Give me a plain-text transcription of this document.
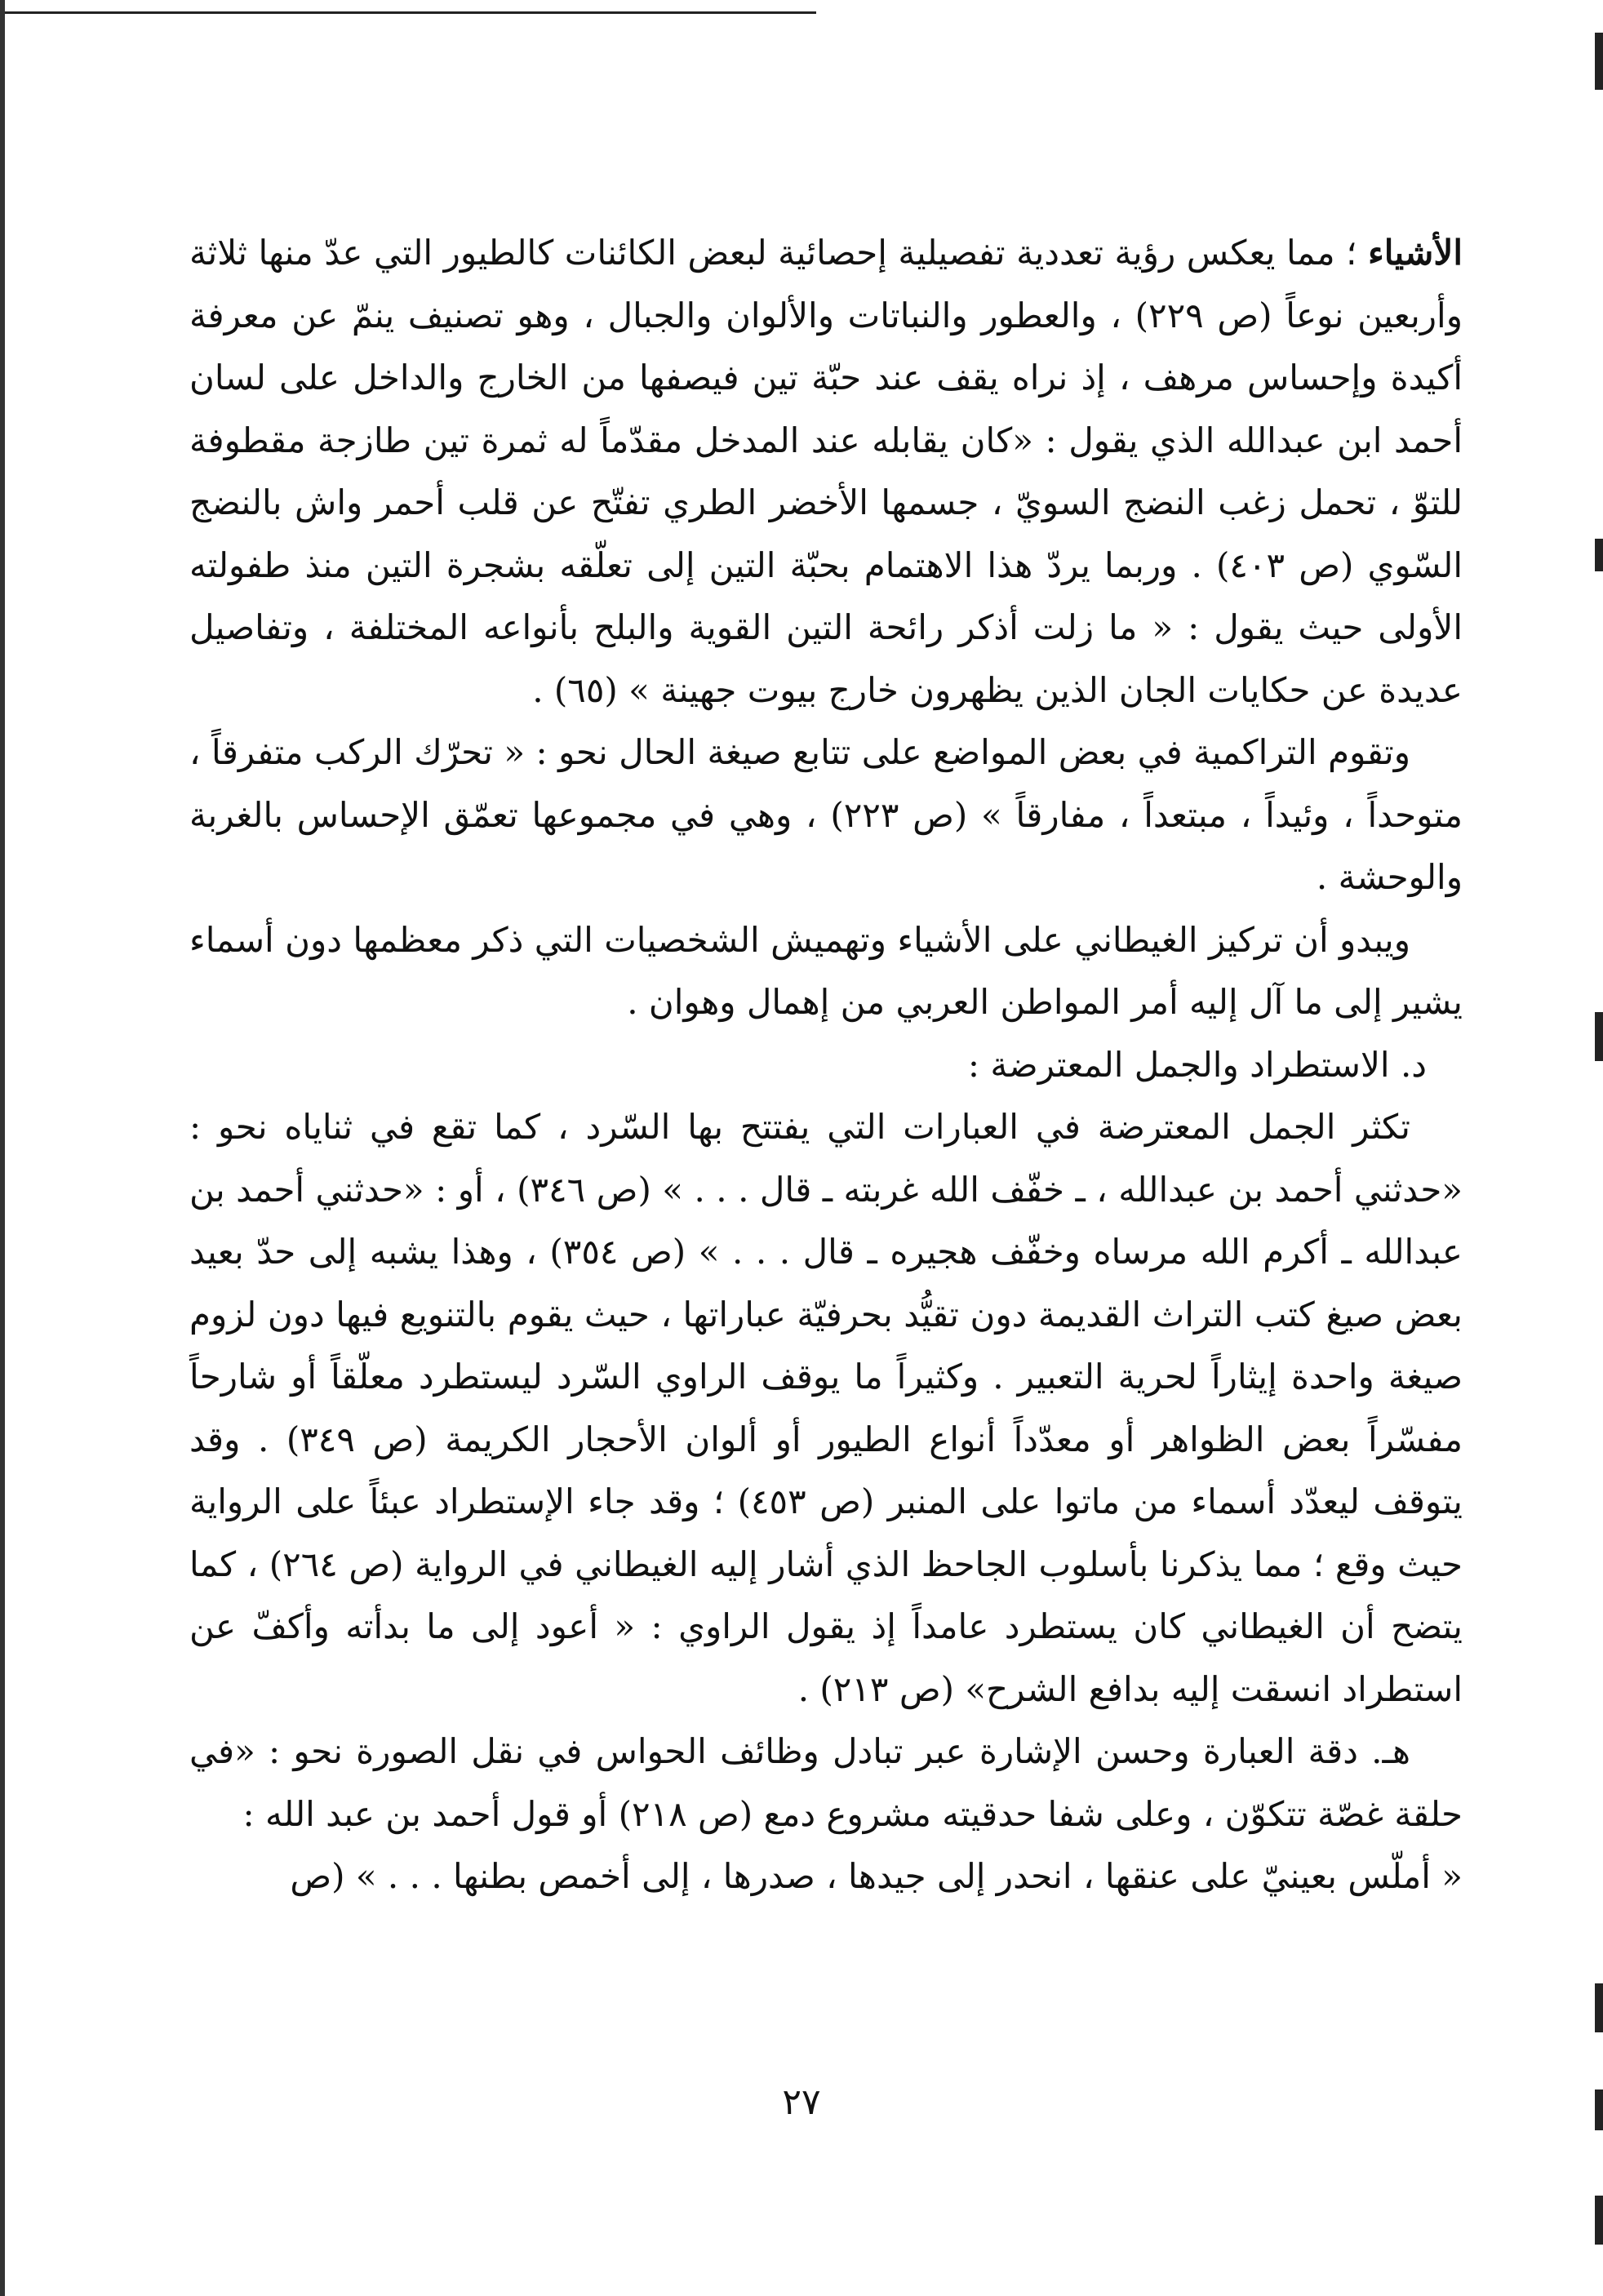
الأشياء ؛ مما يعكس رؤية تعددية تفصيلية إحصائية لبعض الكائنات كالطيور التي عدّ منها ثلاثة وأربعين نوعاً (ص ٢٢٩) ، والعطور والنباتات والألوان والجبال ، وهو تصنيف ينمّ عن معرفة أكيدة وإحساس مرهف ، إذ نراه يقف عند حبّة تين فيصفها من الخارج والداخل على لسان أحمد ابن عبدالله الذي يقول : «كان يقابله عند المدخل مقدّماً له ثمرة تين طازجة مقطوفة للتوّ ، تحمل زغب النضج السويّ ، جسمها الأخضر الطري تفتّح عن قلب أحمر واش بالنضج السّوي (ص ٤٠٣) . وربما يردّ هذا الاهتمام بحبّة التين إلى تعلّقه بشجرة التين منذ طفولته الأولى حيث يقول : « ما زلت أذكر رائحة التين القوية والبلح بأنواعه المختلفة ، وتفاصيل عديدة عن حكايات الجان الذين يظهرون خارج بيوت جهينة » (٦٥) .

وتقوم التراكمية في بعض المواضع على تتابع صيغة الحال نحو : « تحرّك الركب متفرقاً ، متوحداً ، وئيداً ، مبتعداً ، مفارقاً » (ص ٢٢٣) ، وهي في مجموعها تعمّق الإحساس بالغربة والوحشة .

ويبدو أن تركيز الغيطاني على الأشياء وتهميش الشخصيات التي ذكر معظمها دون أسماء يشير إلى ما آل إليه أمر المواطن العربي من إهمال وهوان .

د. الاستطراد والجمل المعترضة :

تكثر الجمل المعترضة في العبارات التي يفتتح بها السّرد ، كما تقع في ثناياه نحو : «حدثني أحمد بن عبدالله ، ـ خفّف الله غربته ـ قال . . . » (ص ٣٤٦) ، أو : «حدثني أحمد بن عبدالله ـ أكرم الله مرساه وخفّف هجيره ـ قال . . . » (ص ٣٥٤) ، وهذا يشبه إلى حدّ بعيد بعض صيغ كتب التراث القديمة دون تقيُّد بحرفيّة عباراتها ، حيث يقوم بالتنويع فيها دون لزوم صيغة واحدة إيثاراً لحرية التعبير . وكثيراً ما يوقف الراوي السّرد ليستطرد معلّقاً أو شارحاً مفسّراً بعض الظواهر أو معدّداً أنواع الطيور أو ألوان الأحجار الكريمة (ص ٣٤٩) . وقد يتوقف ليعدّد أسماء من ماتوا على المنبر (ص ٤٥٣) ؛ وقد جاء الإستطراد عبئاً على الرواية حيث وقع ؛ مما يذكرنا بأسلوب الجاحظ الذي أشار إليه الغيطاني في الرواية (ص ٢٦٤) ، كما يتضح أن الغيطاني كان يستطرد عامداً إذ يقول الراوي : « أعود إلى ما بدأته وأكفّ عن استطراد انسقت إليه بدافع الشرح» (ص ٢١٣) .

هـ. دقة العبارة وحسن الإشارة عبر تبادل وظائف الحواس في نقل الصورة نحو : «في حلقة غصّة تتكوّن ، وعلى شفا حدقيته مشروع دمع (ص ٢١٨) أو قول أحمد بن عبد الله :

« أملّس بعينيّ على عنقها ، انحدر إلى جيدها ، صدرها ، إلى أخمص بطنها . . . » (ص

٢٧
